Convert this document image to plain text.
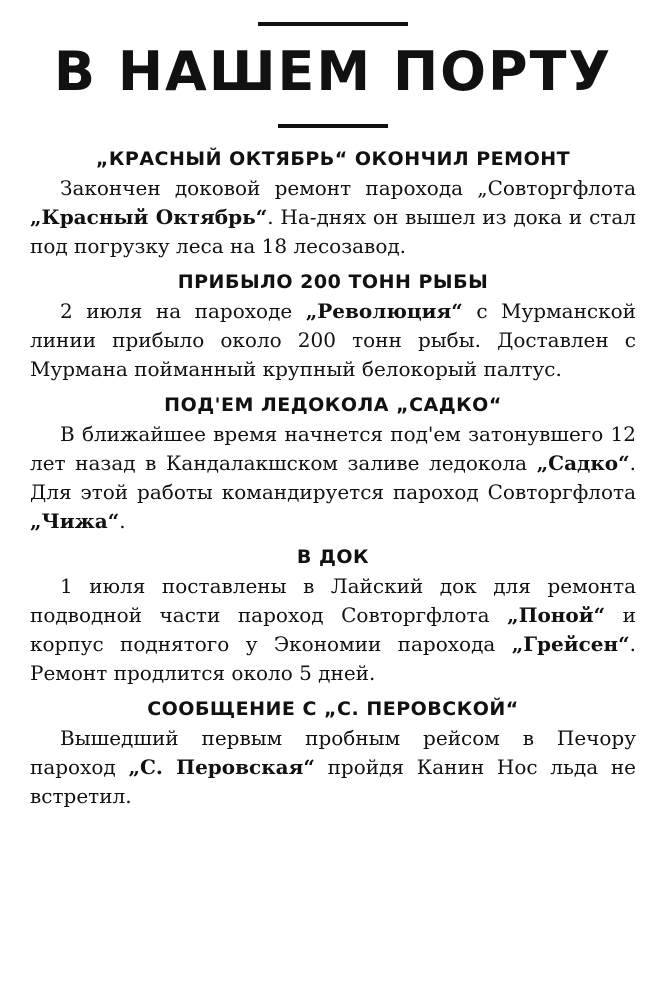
В НАШЕМ ПОРТУ
„КРАСНЫЙ ОКТЯБРЬ“ ОКОНЧИЛ РЕМОНТ

Закончен доковой ремонт парохода „Совторгфлота „Красный Октябрь“. На-днях он вышел из дока и стал под погрузку леса на 18 лесозавод.

ПРИБЫЛО 200 ТОНН РЫБЫ

2 июля на пароходе „Революция“ с Мурманской линии прибыло около 200 тонн рыбы. Доставлен с Мурмана пойманный крупный белокорый палтус.

ПОД'ЕМ ЛЕДОКОЛА „САДКО“

В ближайшее время начнется под'ем затонувшего 12 лет назад в Кандалакшском заливе ледокола „Садко“. Для этой работы командируется пароход Совторгфлота „Чижа“.

В ДОК

1 июля поставлены в Лайский док для ремонта подводной части пароход Совторгфлота „Поной“ и корпус поднятого у Экономии парохода „Грейсен“. Ремонт продлится около 5 дней.

СООБЩЕНИЕ С „С. ПЕРОВСКОЙ“

Вышедший первым пробным рейсом в Печору пароход „С. Перовская“ пройдя Канин Нос льда не встретил.
